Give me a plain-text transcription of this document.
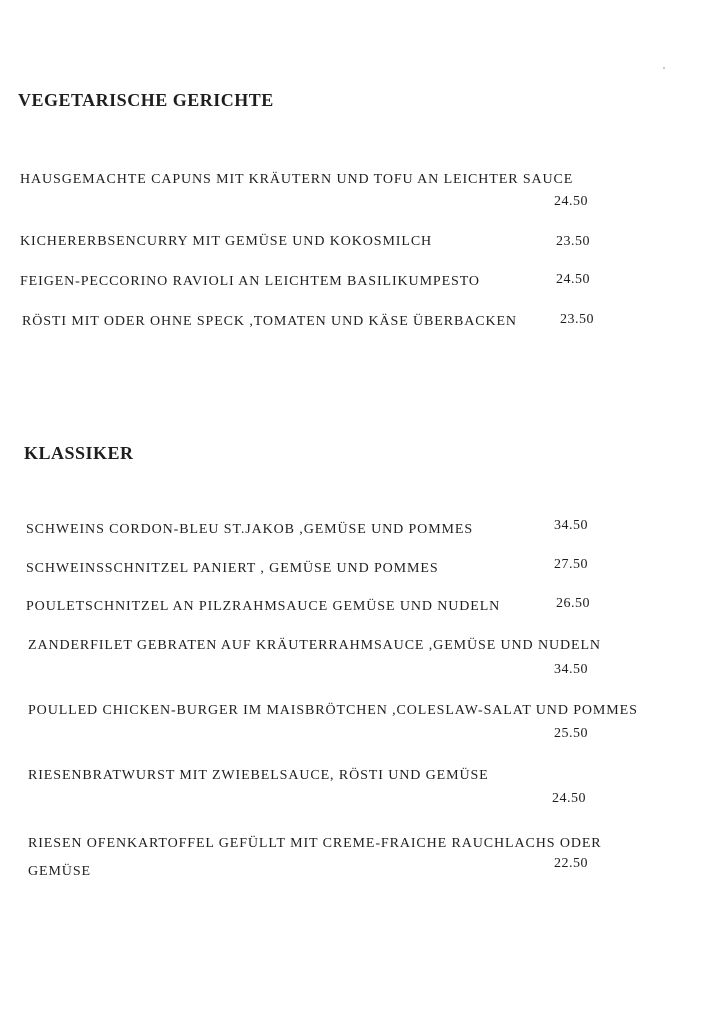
VEGETARISCHE GERICHTE

HAUSGEMACHTE CAPUNS MIT KRÄUTERN UND TOFU AN LEICHTER SAUCE

24.50

KICHERERBSENCURRY MIT GEMÜSE UND KOKOSMILCH	23.50

FEIGEN-PECCORINO RAVIOLI AN LEICHTEM BASILIKUMPESTO	24.50

RÖSTI MIT ODER OHNE SPECK ,TOMATEN UND KÄSE ÜBERBACKEN	23.50

KLASSIKER

SCHWEINS CORDON-BLEU ST.JAKOB ,GEMÜSE UND POMMES	34.50

SCHWEINSSCHNITZEL PANIERT , GEMÜSE UND POMMES	27.50

POULETSCHNITZEL AN PILZRAHMSAUCE GEMÜSE UND NUDELN	26.50

ZANDERFILET GEBRATEN AUF KRÄUTERRAHMSAUCE ,GEMÜSE UND NUDELN

34.50

POULLED CHICKEN-BURGER IM MAISBRÖTCHEN ,COLESLAW-SALAT UND POMMES

25.50

RIESENBRATWURST MIT ZWIEBELSAUCE, RÖSTI UND GEMÜSE

24.50

RIESEN OFENKARTOFFEL GEFÜLLT MIT CREME-FRAICHE RAUCHLACHS ODER GEMÜSE

22.50
